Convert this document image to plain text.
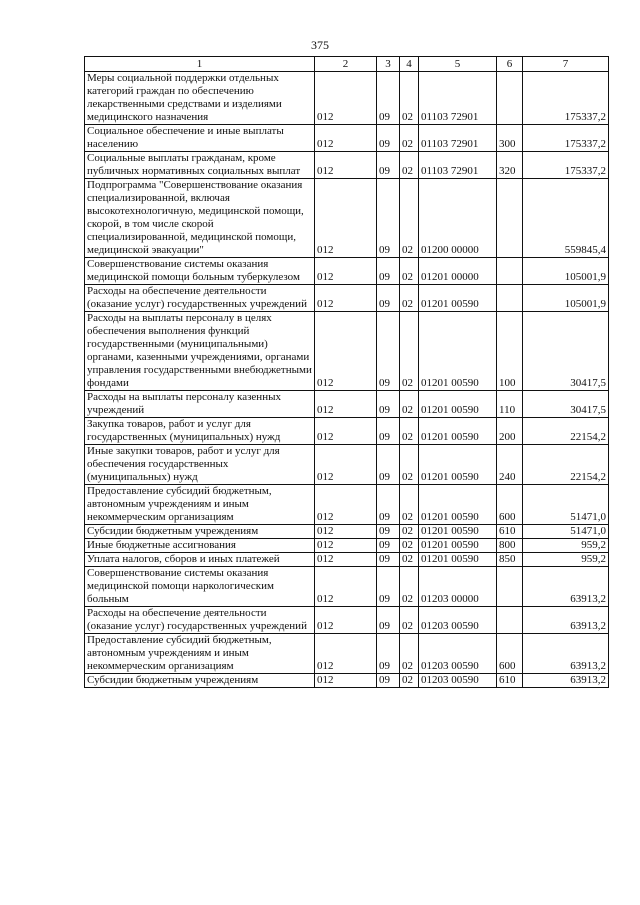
375
1	2	3	4	5	6	7
Меры социальной поддержки отдельных категорий граждан по обеспечению лекарственными средствами и изделиями медицинского назначения	012	09	02	01103 72901		175337,2
Социальное обеспечение и иные выплаты населению	012	09	02	01103 72901	300	175337,2
Социальные выплаты гражданам, кроме публичных нормативных социальных выплат	012	09	02	01103 72901	320	175337,2
Подпрограмма "Совершенствование оказания специализированной, включая высокотехнологичную, медицинской помощи, скорой, в том числе скорой специализированной, медицинской помощи, медицинской эвакуации"	012	09	02	01200 00000		559845,4
Совершенствование системы оказания медицинской помощи больным туберкулезом	012	09	02	01201 00000		105001,9
Расходы на обеспечение деятельности (оказание услуг) государственных учреждений	012	09	02	01201 00590		105001,9
Расходы на выплаты персоналу в целях обеспечения выполнения функций государственными (муниципальными) органами, казенными учреждениями, органами управления государственными внебюджетными фондами	012	09	02	01201 00590	100	30417,5
Расходы на выплаты персоналу казенных учреждений	012	09	02	01201 00590	110	30417,5
Закупка товаров, работ и услуг для государственных (муниципальных) нужд	012	09	02	01201 00590	200	22154,2
Иные закупки товаров, работ и услуг для обеспечения государственных (муниципальных) нужд	012	09	02	01201 00590	240	22154,2
Предоставление субсидий бюджетным, автономным учреждениям и иным некоммерческим организациям	012	09	02	01201 00590	600	51471,0
Субсидии бюджетным учреждениям	012	09	02	01201 00590	610	51471,0
Иные бюджетные ассигнования	012	09	02	01201 00590	800	959,2
Уплата налогов, сборов и иных платежей	012	09	02	01201 00590	850	959,2
Совершенствование системы оказания медицинской помощи наркологическим больным	012	09	02	01203 00000		63913,2
Расходы на обеспечение деятельности (оказание услуг) государственных учреждений	012	09	02	01203 00590		63913,2
Предоставление субсидий бюджетным, автономным учреждениям и иным некоммерческим организациям	012	09	02	01203 00590	600	63913,2
Субсидии бюджетным учреждениям	012	09	02	01203 00590	610	63913,2
